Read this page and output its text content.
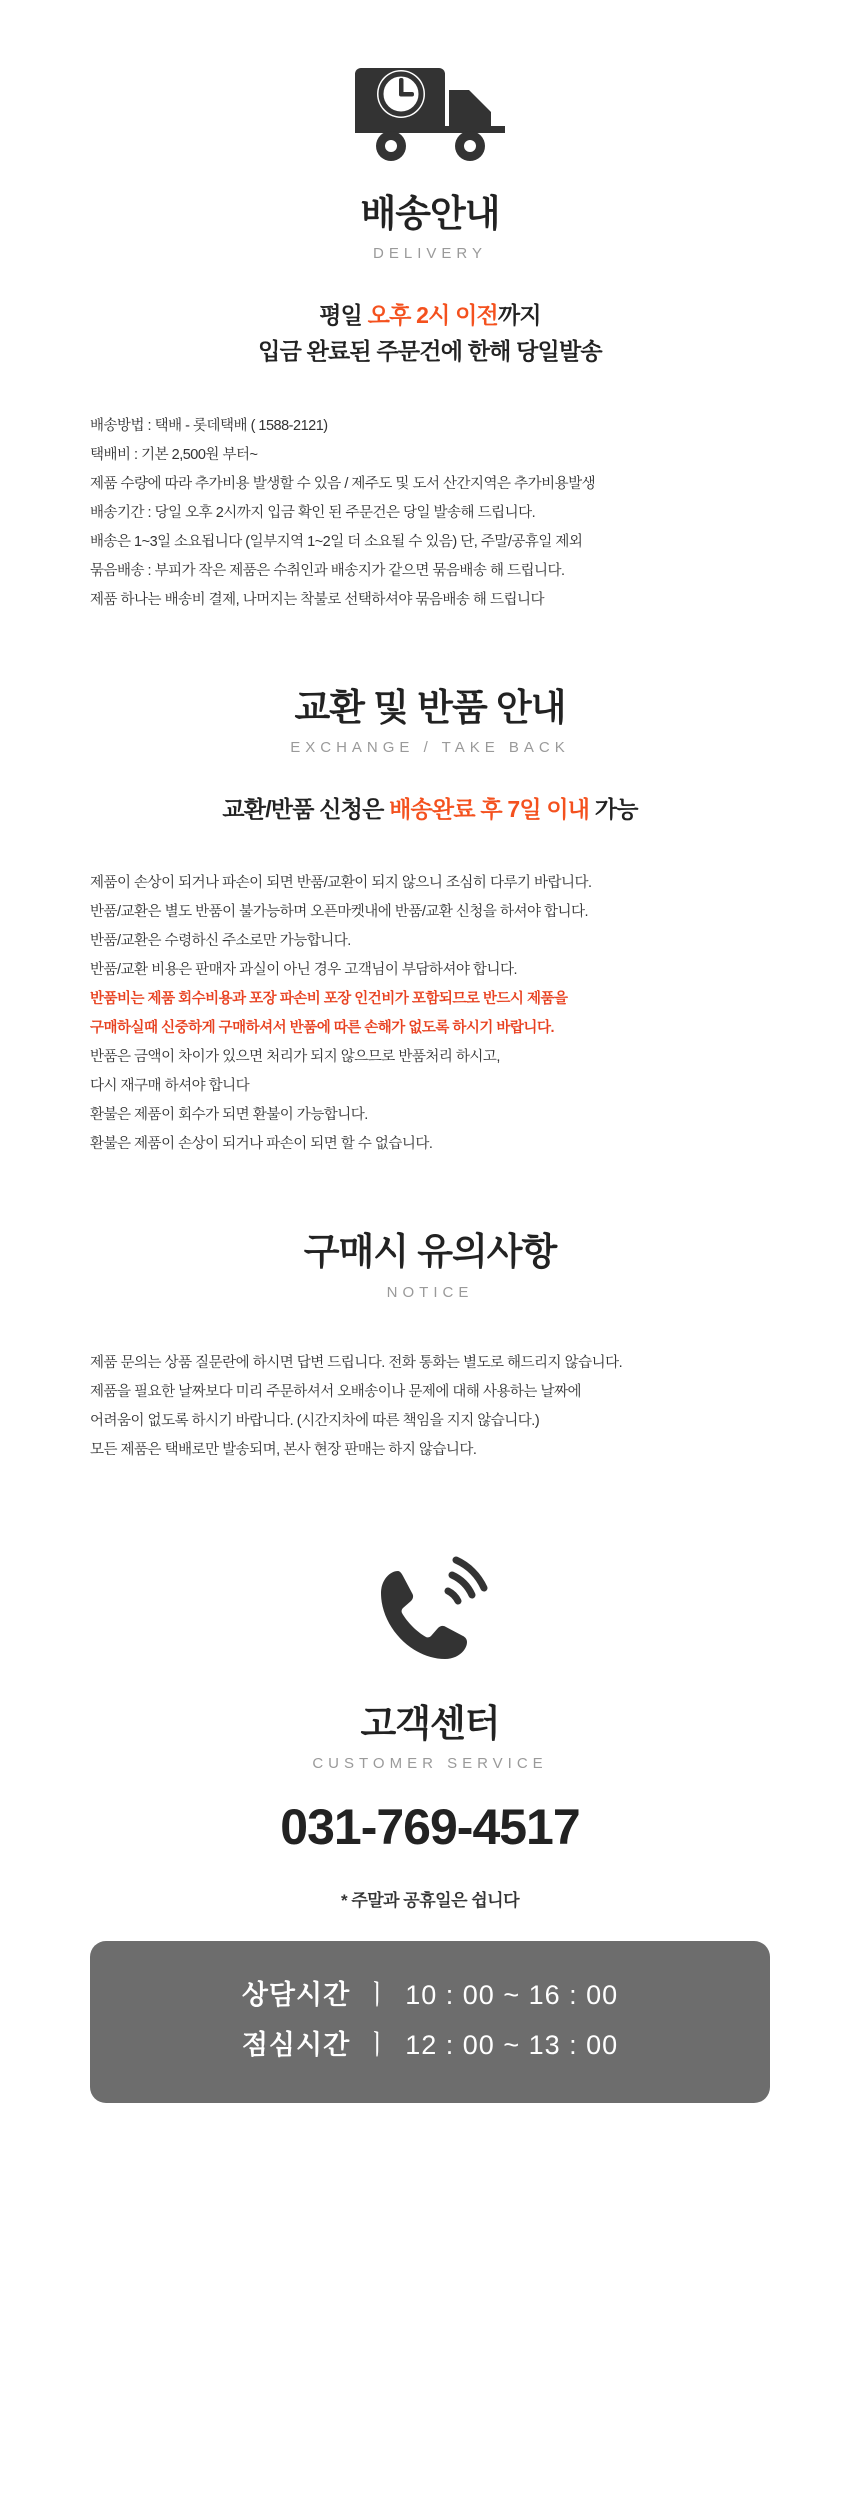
배송안내
DELIVERY

평일 오후 2시 이전까지
입금 완료된 주문건에 한해 당일발송

배송방법 : 택배 - 롯데택배 ( 1588-2121)

택배비 : 기본 2,500원 부터~

제품 수량에 따라 추가비용 발생할 수 있음 / 제주도 및 도서 산간지역은 추가비용발생

배송기간 : 당일 오후 2시까지 입금 확인 된 주문건은 당일 발송해 드립니다.

배송은 1~3일 소요됩니다 (일부지역 1~2일 더 소요될 수 있음) 단, 주말/공휴일 제외

묶음배송 : 부피가 작은 제품은 수취인과 배송지가 같으면 묶음배송 해 드립니다.

제품 하나는 배송비 결제, 나머지는 착불로 선택하셔야 묶음배송 해 드립니다

교환 및 반품 안내
EXCHANGE / TAKE BACK

교환/반품 신청은 배송완료 후 7일 이내 가능

제품이 손상이 되거나 파손이 되면 반품/교환이 되지 않으니 조심히 다루기 바랍니다.

반품/교환은 별도 반품이 불가능하며 오픈마켓내에 반품/교환 신청을 하셔야 합니다.

반품/교환은 수령하신 주소로만 가능합니다.

반품/교환 비용은 판매자 과실이 아닌 경우 고객님이 부담하셔야 합니다.

반품비는 제품 회수비용과 포장 파손비 포장 인건비가 포함되므로 반드시 제품을

구매하실때 신중하게 구매하셔서 반품에 따른 손해가 없도록 하시기 바랍니다.

반품은 금액이 차이가 있으면 처리가 되지 않으므로 반품처리 하시고,

다시 재구매 하셔야 합니다

환불은 제품이 회수가 되면 환불이 가능합니다.

환불은 제품이 손상이 되거나 파손이 되면 할 수 없습니다.

구매시 유의사항
NOTICE

제품 문의는 상품 질문란에 하시면 답변 드립니다. 전화 통화는 별도로 해드리지 않습니다.

제품을 필요한 날짜보다 미리 주문하셔서 오배송이나 문제에 대해 사용하는 날짜에

어려움이 없도록 하시기 바랍니다. (시간지차에 따른 책임을 지지 않습니다.)

모든 제품은 택배로만 발송되며, 본사 현장 판매는 하지 않습니다.

고객센터
CUSTOMER SERVICE
031-769-4517
* 주말과 공휴일은 쉽니다
상담시간 ㅣ 10 : 00 ~ 16 : 00
점심시간 ㅣ 12 : 00 ~ 13 : 00
